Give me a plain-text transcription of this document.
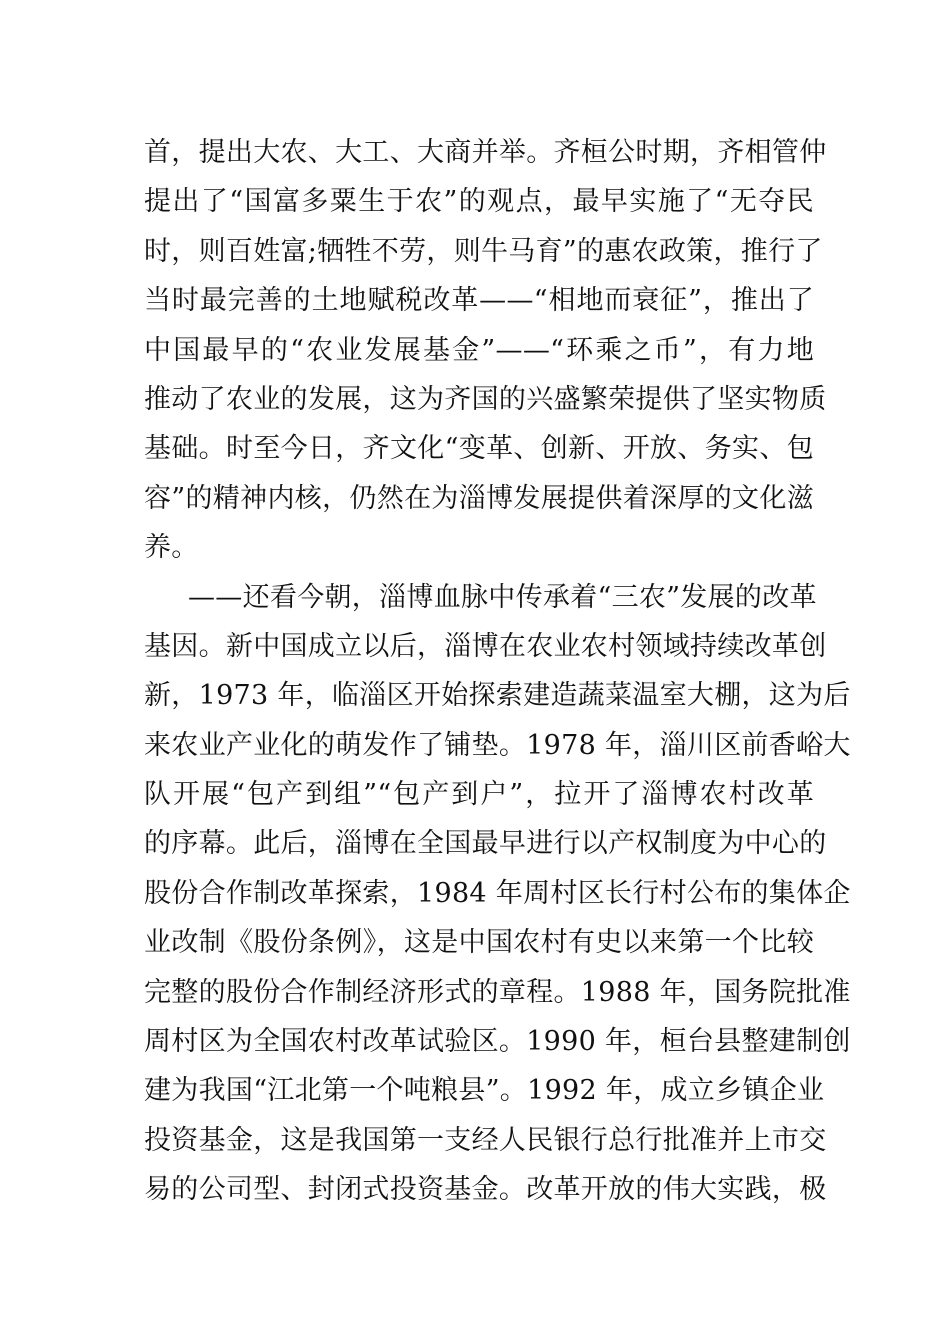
首，提出大农、大工、大商并举。齐桓公时期，齐相管仲
提出了“国富多粟生于农”的观点，最早实施了“无夺民
时，则百姓富;牺牲不劳，则牛马育”的惠农政策，推行了
当时最完善的土地赋税改革——“相地而衰征”，推出了
中国最早的“农业发展基金”——“环乘之币”，有力地
推动了农业的发展，这为齐国的兴盛繁荣提供了坚实物质
基础。时至今日，齐文化“变革、创新、开放、务实、包
容”的精神内核，仍然在为淄博发展提供着深厚的文化滋
养。
——还看今朝，淄博血脉中传承着“三农”发展的改革
基因。新中国成立以后，淄博在农业农村领域持续改革创
新，1973 年，临淄区开始探索建造蔬菜温室大棚，这为后
来农业产业化的萌发作了铺垫。1978 年，淄川区前香峪大
队开展“包产到组”“包产到户”，拉开了淄博农村改革
的序幕。此后，淄博在全国最早进行以产权制度为中心的
股份合作制改革探索，1984 年周村区长行村公布的集体企
业改制《股份条例》，这是中国农村有史以来第一个比较
完整的股份合作制经济形式的章程。1988 年，国务院批准
周村区为全国农村改革试验区。1990 年，桓台县整建制创
建为我国“江北第一个吨粮县”。1992 年，成立乡镇企业
投资基金，这是我国第一支经人民银行总行批准并上市交
易的公司型、封闭式投资基金。改革开放的伟大实践，极
